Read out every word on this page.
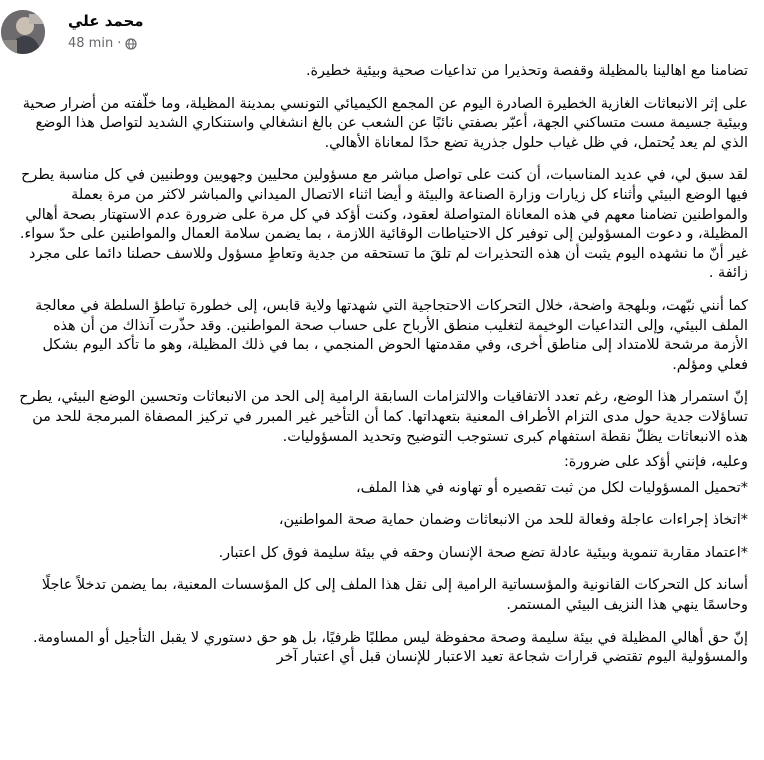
محمد علي
48 min ·

تضامنا مع اهالينا بالمظيلة وقفصة وتحذيرا من تداعيات صحية وبيئية خطيرة.

على إثر الانبعاثات الغازية الخطيرة الصادرة اليوم عن المجمع الكيميائي التونسي بمدينة المظيلة، وما خلّفته من أضرار صحية وبيئية جسيمة مست متساكني الجهة، أعبّر بصفتي نائبًا عن الشعب عن بالغ انشغالي واستنكاري الشديد لتواصل هذا الوضع الذي لم يعد يُحتمل، في ظل غياب حلول جذرية تضع حدًا لمعاناة الأهالي.

لقد سبق لي، في عديد المناسبات، أن كنت على تواصل مباشر مع مسؤولين محليين وجهويين ووطنيين في كل مناسبة يطرح فيها الوضع البيئي وأثناء كل زيارات وزارة الصناعة والبيئة و أيضا اثناء الاتصال الميداني والمباشر لاكثر من مرة بعملة والمواطنين تضامنا معهم في هذه المعاناة المتواصلة لعقود، وكنت أؤكد في كل مرة على ضرورة عدم الاستهتار بصحة أهالي المظيلة، و دعوت المسؤولين إلى توفير كل الاحتياطات الوقائية اللازمة ، بما يضمن سلامة العمال والمواطنين على حدّ سواء. غير أنّ ما نشهده اليوم يثبت أن هذه التحذيرات لم تلقَ ما تستحقه من جدية وتعاطٍ مسؤول وللاسف حصلنا دائما على مجرد زائفة .

كما أنني نبّهت، وبلهجة واضحة، خلال التحركات الاحتجاجية التي شهدتها ولاية قابس، إلى خطورة تباطؤ السلطة في معالجة الملف البيئي، وإلى التداعيات الوخيمة لتغليب منطق الأرباح على حساب صحة المواطنين. وقد حذّرت آنذاك من أن هذه الأزمة مرشحة للامتداد إلى مناطق أخرى، وفي مقدمتها الحوض المنجمي ، بما في ذلك المظيلة، وهو ما تأكد اليوم بشكل فعلي ومؤلم.

إنّ استمرار هذا الوضع، رغم تعدد الاتفاقيات والالتزامات السابقة الرامية إلى الحد من الانبعاثات وتحسين الوضع البيئي، يطرح تساؤلات جدية حول مدى التزام الأطراف المعنية بتعهداتها. كما أن التأخير غير المبرر في تركيز المصفاة المبرمجة للحد من هذه الانبعاثات يظلّ نقطة استفهام كبرى تستوجب التوضيح وتحديد المسؤوليات.

وعليه، فإنني أؤكد على ضرورة:

*تحميل المسؤوليات لكل من ثبت تقصيره أو تهاونه في هذا الملف،

*اتخاذ إجراءات عاجلة وفعالة للحد من الانبعاثات وضمان حماية صحة المواطنين،

*اعتماد مقاربة تنموية وبيئية عادلة تضع صحة الإنسان وحقه في بيئة سليمة فوق كل اعتبار.

أساند كل التحركات القانونية والمؤسساتية الرامية إلى نقل هذا الملف إلى كل المؤسسات المعنية، بما يضمن تدخلاً عاجلًا وحاسمًا ينهي هذا النزيف البيئي المستمر.

إنّ حق أهالي المظيلة في بيئة سليمة وصحة محفوظة ليس مطلبًا ظرفيًا، بل هو حق دستوري لا يقبل التأجيل أو المساومة. والمسؤولية اليوم تقتضي قرارات شجاعة تعيد الاعتبار للإنسان قبل أي اعتبار آخر
